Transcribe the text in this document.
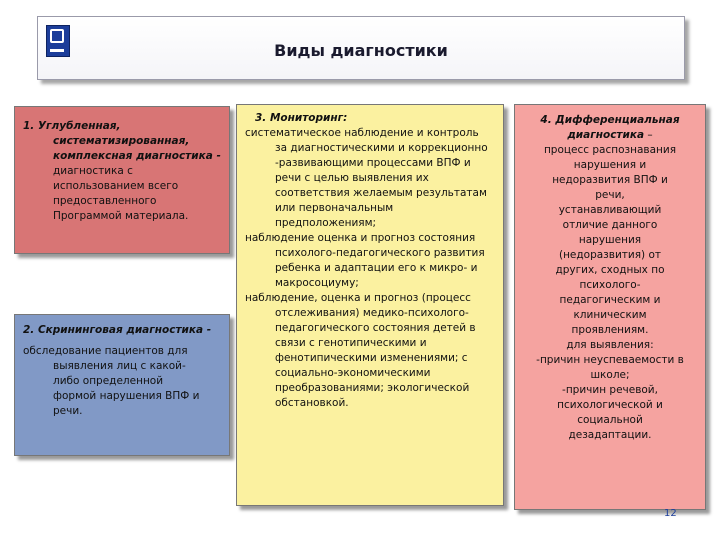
Виды диагностики
1. Углубленная,
систематизированная,
комплексная диагностика -
диагностика с
использованием всего
предоставленного
Программой материала.
2. Скрининговая диагностика -
обследование пациентов для
выявления лиц с какой-
либо определенной
формой нарушения ВПФ и
речи.
3. Мониторинг:
систематическое наблюдение и контроль
за диагностическими и коррекционно
-развивающими процессами ВПФ и
речи с целью выявления их
соответствия желаемым результатам
или первоначальным
предположениям;
наблюдение оценка и прогноз состояния
психолого-педагогического развития
ребенка и адаптации его к микро- и
макросоциуму;
наблюдение, оценка и прогноз (процесс
отслеживания) медико-психолого-
педагогического состояния детей в
связи с генотипическими и
фенотипическими изменениями; с
социально-экономическими
преобразованиями; экологической
обстановкой.
4. Дифференциальная
диагностика –
процесс распознавания
нарушения и
недоразвития ВПФ и
речи,
устанавливающий
отличие данного
нарушения
(недоразвития) от
других, сходных по
психолого-
педагогическим и
клиническим
проявлениям.
для выявления:
-причин неуспеваемости в
школе;
-причин речевой,
психологической и
социальной
дезадаптации.
12
